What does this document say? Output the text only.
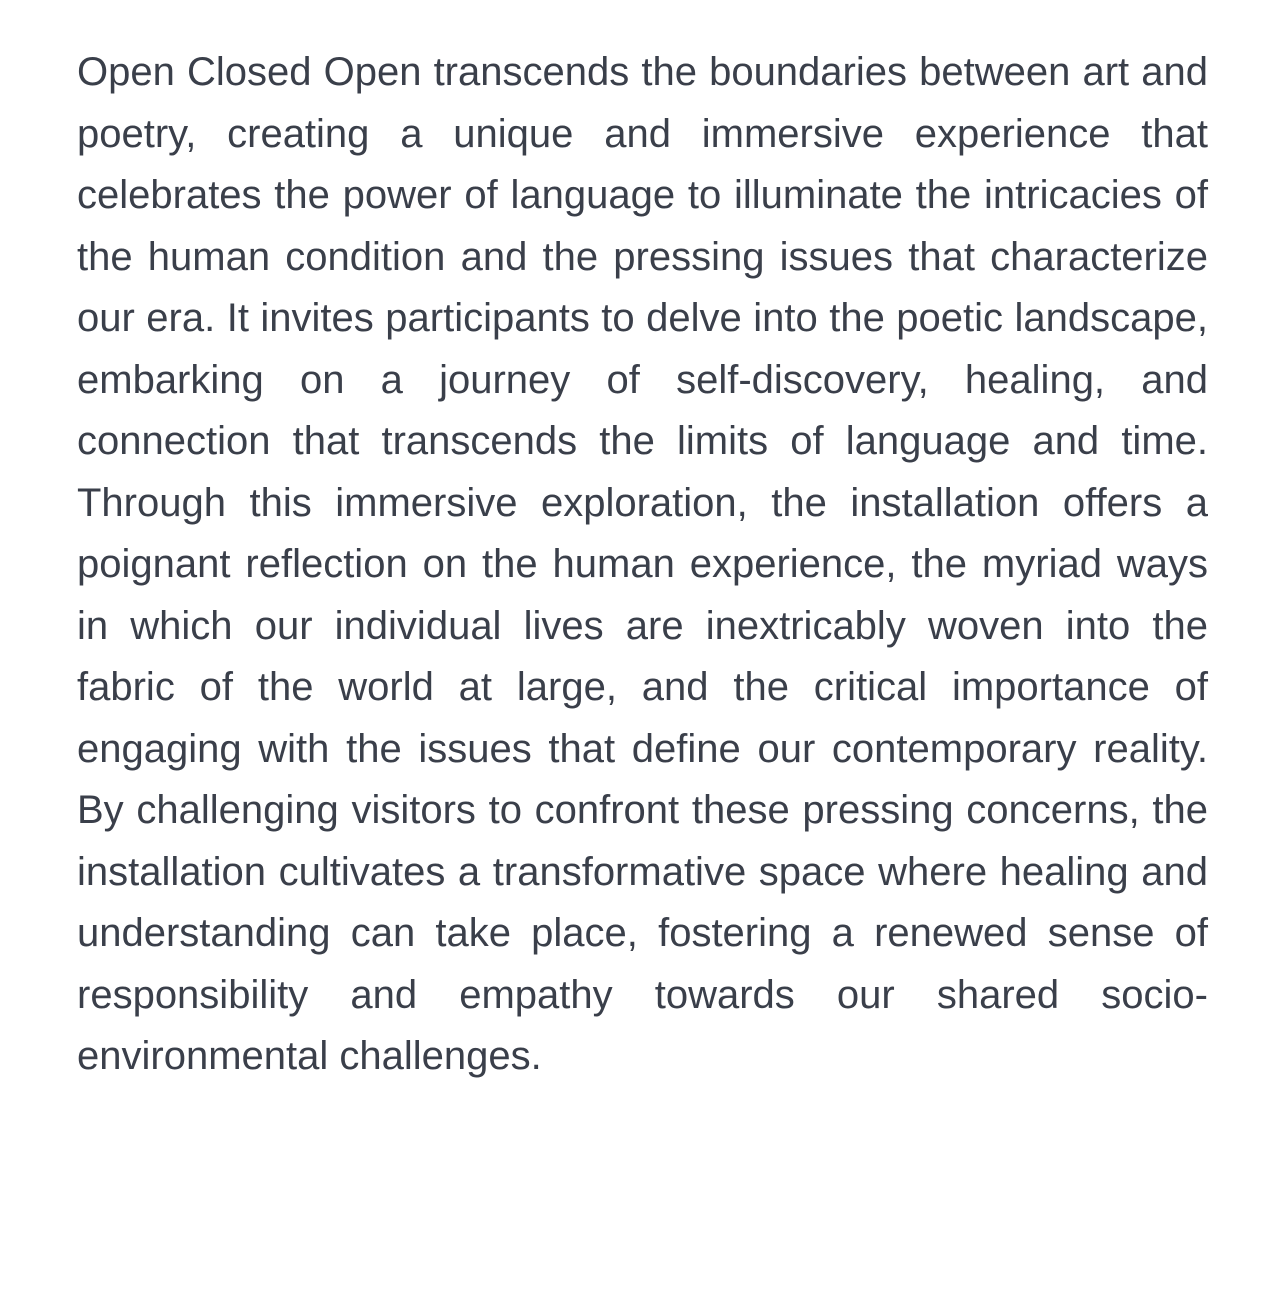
Open Closed Open transcends the boundaries between art and poetry, creating a unique and immersive experience that celebrates the power of language to illuminate the intricacies of the human condition and the pressing issues that characterize our era. It invites participants to delve into the poetic landscape, embarking on a journey of self-discovery, healing, and connection that transcends the limits of language and time. Through this immersive exploration, the installation offers a poignant reflection on the human experience, the myriad ways in which our individual lives are inextricably woven into the fabric of the world at large, and the critical importance of engaging with the issues that define our contemporary reality. By challenging visitors to confront these pressing concerns, the installation cultivates a transformative space where healing and understanding can take place, fostering a renewed sense of responsibility and empathy towards our shared socio-environmental challenges.
